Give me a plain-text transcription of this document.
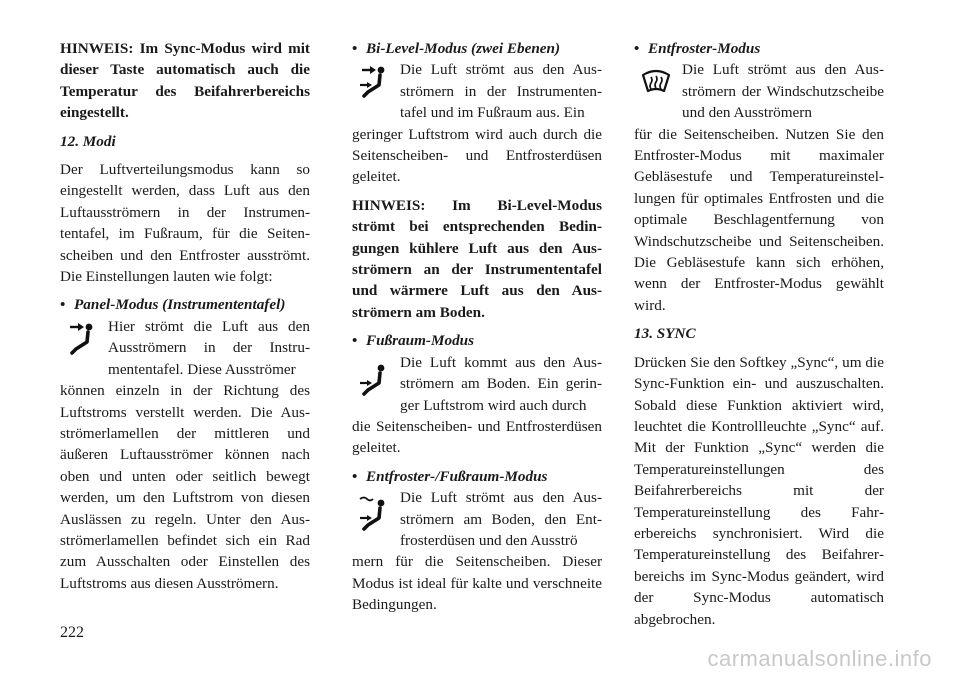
HINWEIS: Im Sync-Modus wird mit dieser Taste automatisch auch die Temperatur des Beifahrerbereichs eingestellt.
12. Modi

Der Luftverteilungsmodus kann so eingestellt werden, dass Luft aus den Luftausströmern in der Instrumententafel, im Fußraum, für die Seitenscheiben und den Entfroster ausströmt. Die Einstellungen lauten wie folgt:

• Panel-Modus (Instrumententafel)
Hier strömt die Luft aus den Ausströmern in der Instrumententafel. Diese Ausströmer
können einzeln in der Richtung des Luftstroms verstellt werden. Die Ausströmerlamellen der mittleren und äußeren Luftausströmer können nach oben und unten oder seitlich bewegt werden, um den Luftstrom von diesen Auslässen zu regeln. Unter den Ausströmerlamellen befindet sich ein Rad zum Ausschalten oder Einstellen des Luftstroms aus diesen Ausströmern.
• Bi-Level-Modus (zwei Ebenen)
Die Luft strömt aus den Ausströmern in der Instrumententafel und im Fußraum aus. Ein
geringer Luftstrom wird auch durch die Seitenscheiben- und Entfrosterdüsen geleitet.
HINWEIS: Im Bi-Level-Modus strömt bei entsprechenden Bedingungen kühlere Luft aus den Ausströmern an der Instrumententafel und wärmere Luft aus den Ausströmern am Boden.
• Fußraum-Modus
Die Luft kommt aus den Ausströmern am Boden. Ein geringer Luftstrom wird auch durch
die Seitenscheiben- und Entfrosterdüsen geleitet.
• Entfroster-/Fußraum-Modus
Die Luft strömt aus den Ausströmern am Boden, den Entfrosterdüsen und den Ausströ
mern für die Seitenscheiben. Dieser Modus ist ideal für kalte und verschneite Bedingungen.
• Entfroster-Modus
Die Luft strömt aus den Ausströmern der Windschutzscheibe und den Ausströmern
für die Seitenscheiben. Nutzen Sie den Entfroster-Modus mit maximaler Gebläsestufe und Temperatureinstellungen für optimales Entfrosten und die optimale Beschlagentfernung von Windschutzscheibe und Seitenscheiben. Die Gebläsestufe kann sich erhöhen, wenn der Entfroster-Modus gewählt wird.
13. SYNC

Drücken Sie den Softkey „Sync“, um die Sync-Funktion ein- und auszuschalten. Sobald diese Funktion aktiviert wird, leuchtet die Kontrollleuchte „Sync“ auf. Mit der Funktion „Sync“ werden die Temperatureinstellungen des Beifahrerbereichs mit der Temperatureinstellung des Fahrerbereichs synchronisiert. Wird die Temperatureinstellung des Beifahrerbereichs im Sync-Modus geändert, wird der Sync-Modus automatisch abgebrochen.

222
carmanualsonline.info
